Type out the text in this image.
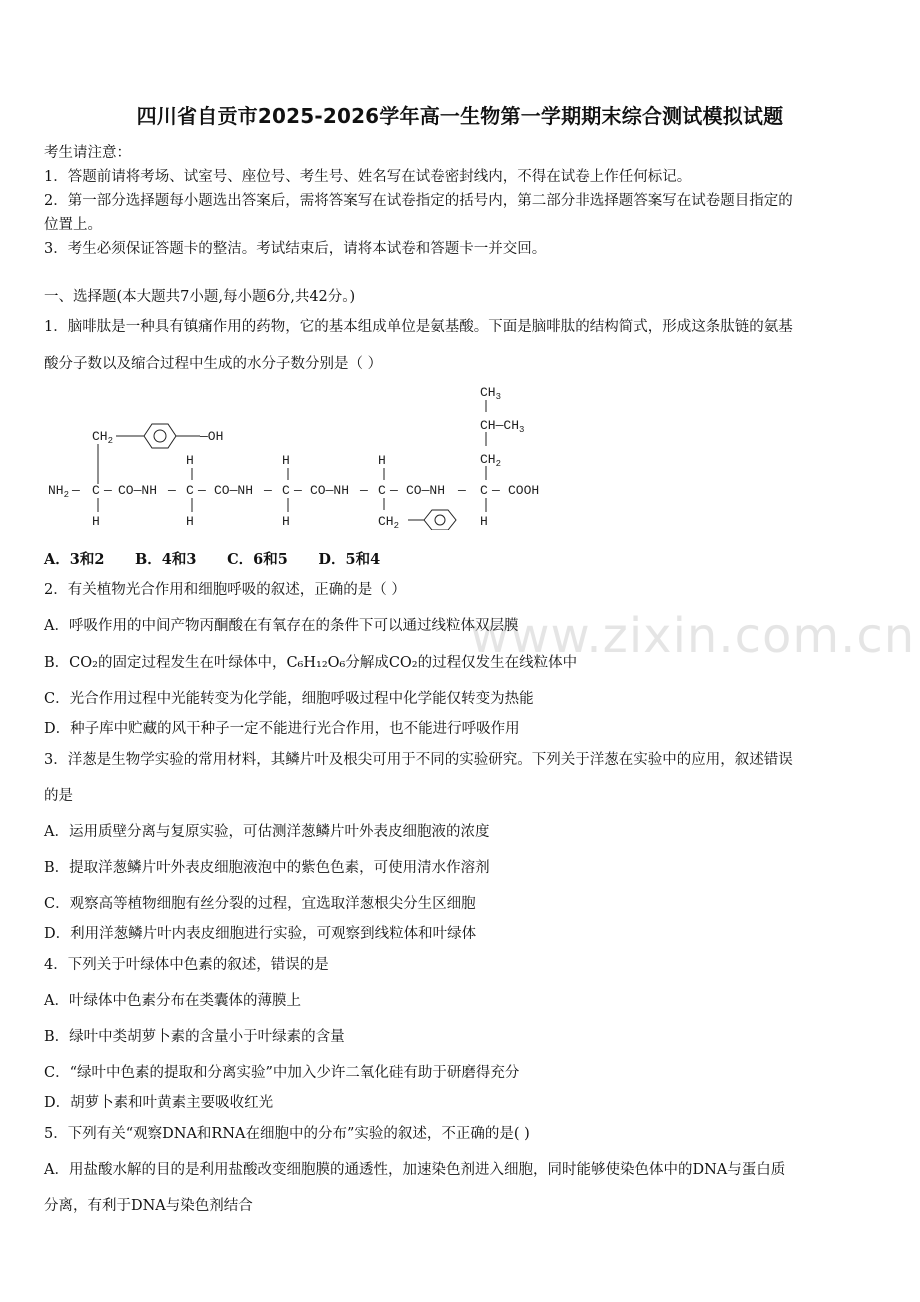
四川省自贡市2025-2026学年高一生物第一学期期末综合测试模拟试题
考生请注意：
1．答题前请将考场、试室号、座位号、考生号、姓名写在试卷密封线内，不得在试卷上作任何标记。
2．第一部分选择题每小题选出答案后，需将答案写在试卷指定的括号内，第二部分非选择题答案写在试卷题目指定的
位置上。
3．考生必须保证答题卡的整洁。考试结束后，请将本试卷和答题卡一并交回。
一、选择题(本大题共7小题,每小题6分,共42分。)
1．脑啡肽是一种具有镇痛作用的药物，它的基本组成单位是氨基酸。下面是脑啡肽的结构简式，形成这条肽链的氨基
酸分子数以及缩合过程中生成的水分子数分别是（ ）
$CH_3$
$CH—CH_3$
$CH_2$
$CH_2$	—OH
H	H	H
$NH_2$ — C — CO—NH — C — CO—NH — C — CO—NH — C — CO—NH — C — COOH
H	H	H	$CH_2$	H
A．3和2 B．4和3 C．6和5 D．5和4
2．有关植物光合作用和细胞呼吸的叙述，正确的是（ ）
A．呼吸作用的中间产物丙酮酸在有氧存在的条件下可以通过线粒体双层膜
B．CO₂的固定过程发生在叶绿体中，C₆H₁₂O₆分解成CO₂的过程仅发生在线粒体中
C．光合作用过程中光能转变为化学能，细胞呼吸过程中化学能仅转变为热能
D．种子库中贮藏的风干种子一定不能进行光合作用，也不能进行呼吸作用
3．洋葱是生物学实验的常用材料，其鳞片叶及根尖可用于不同的实验研究。下列关于洋葱在实验中的应用，叙述错误
的是
A．运用质壁分离与复原实验，可估测洋葱鳞片叶外表皮细胞液的浓度
B．提取洋葱鳞片叶外表皮细胞液泡中的紫色色素，可使用清水作溶剂
C．观察高等植物细胞有丝分裂的过程，宜选取洋葱根尖分生区细胞
D．利用洋葱鳞片叶内表皮细胞进行实验，可观察到线粒体和叶绿体
4．下列关于叶绿体中色素的叙述，错误的是
A．叶绿体中色素分布在类囊体的薄膜上
B．绿叶中类胡萝卜素的含量小于叶绿素的含量
C．“绿叶中色素的提取和分离实验”中加入少许二氧化硅有助于研磨得充分
D．胡萝卜素和叶黄素主要吸收红光
5．下列有关“观察DNA和RNA在细胞中的分布”实验的叙述，不正确的是( )
A．用盐酸水解的目的是利用盐酸改变细胞膜的通透性，加速染色剂进入细胞，同时能够使染色体中的DNA与蛋白质
分离，有利于DNA与染色剂结合
www.zixin.com.cn
